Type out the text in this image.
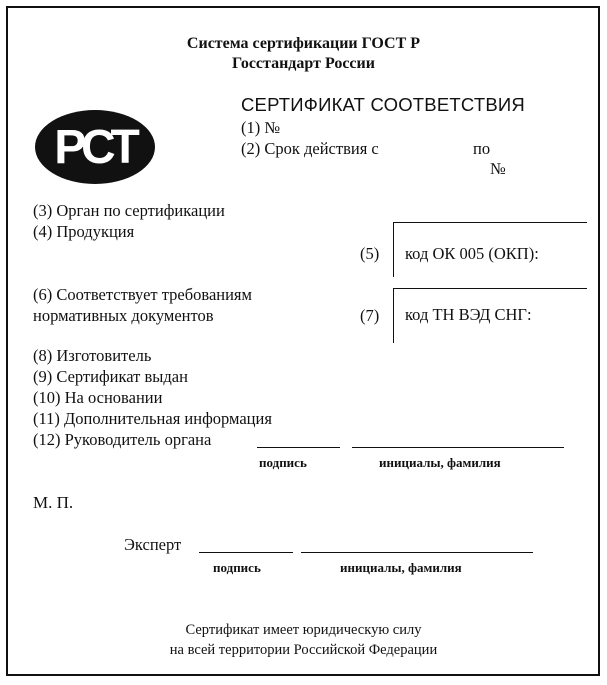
Система сертификации ГОСТ Р
Госстандарт России
РСТ
СЕРТИФИКАТ СООТВЕТСТВИЯ
(1) №
(2) Срок действия с	по
№
(3) Орган по сертификации
(4) Продукция
(5) код ОК 005 (ОКП):
(6) Соответствует требованиям
нормативных документов	(7) код ТН ВЭД СНГ:
(8) Изготовитель
(9) Сертификат выдан
(10) На основании
(11) Дополнительная информация
(12) Руководитель органа
подпись	инициалы, фамилия
М. П.
Эксперт
подпись	инициалы, фамилия
Сертификат имеет юридическую силу
на всей территории Российской Федерации
